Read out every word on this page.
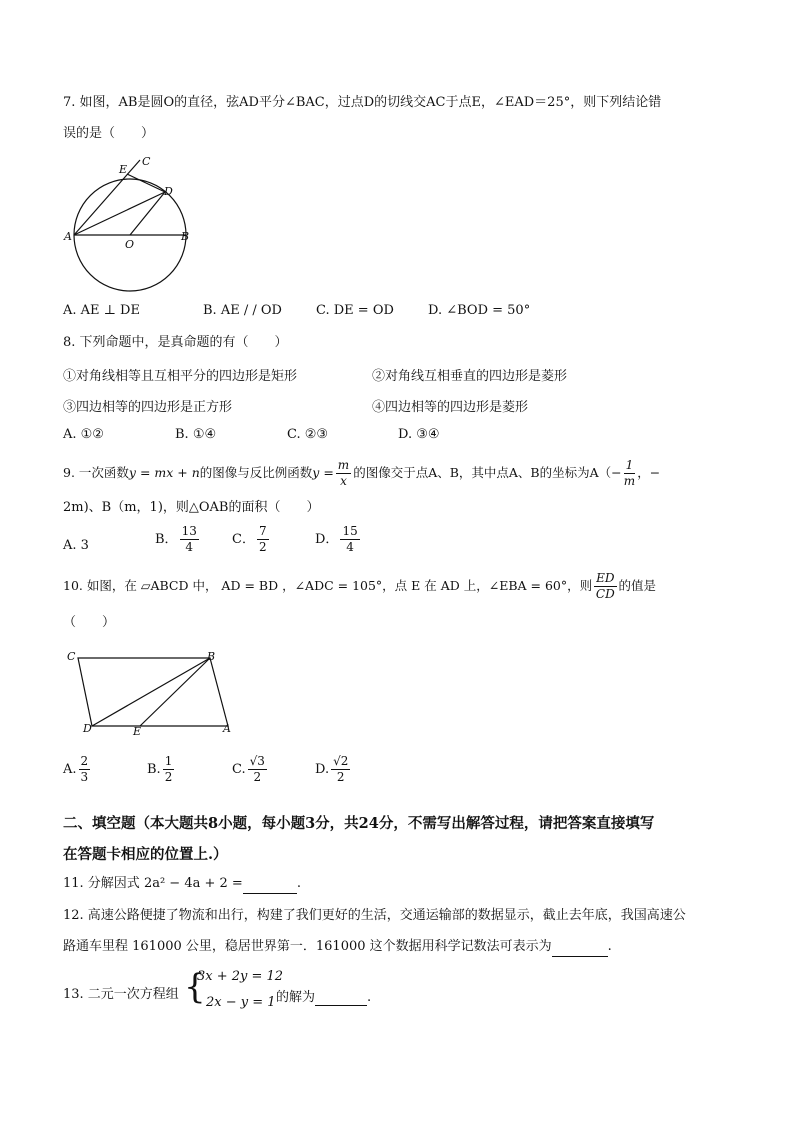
7. 如图，AB是圆O的直径，弦AD平分∠BAC，过点D的切线交AC于点E，∠EAD＝25°，则下列结论错
误的是（　　）
E
C
D
A
O
B
A. AE ⊥ DE	B. AE / / OD	C. DE = OD	D. ∠BOD = 50°
8. 下列命题中，是真命题的有（　　）
①对角线相等且互相平分的四边形是矩形	②对角线互相垂直的四边形是菱形
③四边相等的四边形是正方形	④四边相等的四边形是菱形
A. ①②	B. ①④	C. ②③	D. ③④
9. 一次函数y = mx + n的图像与反比例函数$y = \frac{m}{x}$ 的图像交于点A、B，其中点A、B的坐标为$A(- \frac{1}{m}$ ，−
2m)、B（m，1)，则△OAB的面积（　　）
A. 3	B． $\frac{13}{4}$	C． $\frac{7}{2}$	D． $\frac{15}{4}$
10. 如图，在 ▱ABCD 中， AD = BD ，∠ADC = 105°，点 E 在 AD 上，∠EBA = 60°，则 $\frac{ED}{CD}$ 的值是
（　　）
C	B
D	E	A
A. $\frac{2}{3}$	B. $\frac{1}{2}$	C. $\frac{√3}{2}$	D. $\frac{√2}{2}$
二、填空题（本大题共8小题，每小题3分，共24分，不需写出解答过程，请把答案直接填写
在答题卡相应的位置上.）
11. 分解因式 2a² − 4a + 2 =	.
12. 高速公路便捷了物流和出行，构建了我们更好的生活，交通运输部的数据显示，截止去年底，我国高速公
路通车里程 161000 公里，稳居世界第一．161000 这个数据用科学记数法可表示为	.
13. 二元一次方程组 {
3x + 2y = 12
2x − y = 1 的解为	.
